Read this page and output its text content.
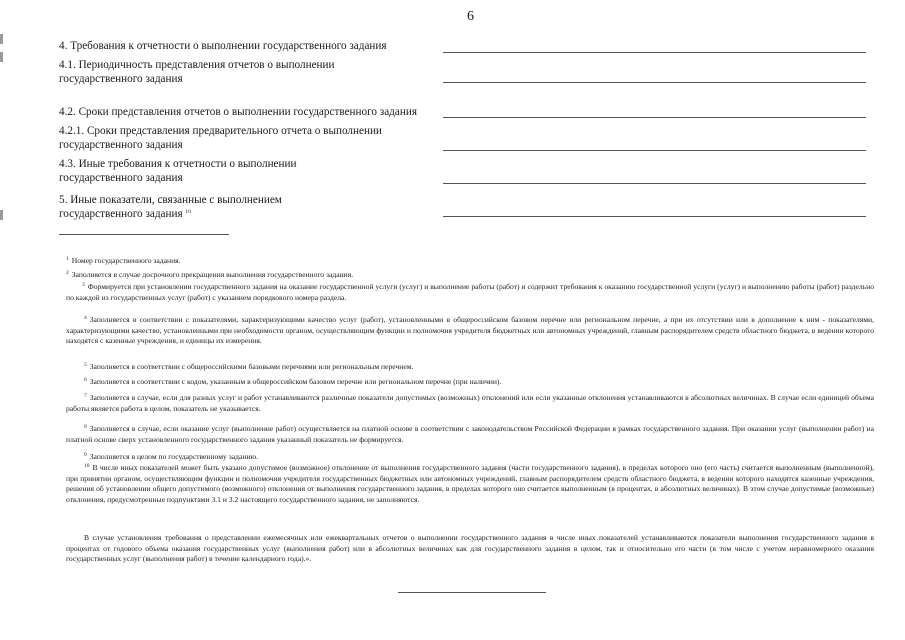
6
4. Требования к отчетности о выполнении государственного задания
4.1. Периодичность представления отчетов о выполнении государственного задания
4.2. Сроки представления отчетов о выполнении государственного задания
4.2.1. Сроки представления предварительного отчета о выполнении государственного задания
4.3. Иные требования к отчетности о выполнении государственного задания
5. Иные показатели, связанные с выполнением государственного задания $^{10}$
$^1$ Номер государственного задания.
$^2$ Заполняется в случае досрочного прекращения выполнения государственного задания.
$^3$ Формируется при установлении государственного задания на оказание государственной услуги (услуг) и выполнение работы (работ) и содержит требования к оказанию государственной услуги (услуг) и выполнению работы (работ) раздельно по каждой из государственных услуг (работ) с указанием порядкового номера раздела.
$^4$ Заполняется в соответствии с показателями, характеризующими качество услуг (работ), установленными в общероссийском базовом перечне или региональном перечне, а при их отсутствии или в дополнение к ним - показателями, характеризующими качество, установленными при необходимости органом, осуществляющим функции и полномочия учредителя бюджетных или автономных учреждений, главным распорядителем средств областного бюджета, в ведении которого находятся с казенные учреждения, и единицы их измерения.
$^5$ Заполняется в соответствии с общероссийскими базовыми перечнями или региональным перечнем.
$^6$ Заполняется в соответствии с кодом, указанным в общероссийском базовом перечне или региональном перечне (при наличии).
$^7$ Заполняется в случае, если для разных услуг и работ устанавливаются различные показатели допустимых (возможных) отклонений или если указанные отклонения устанавливаются в абсолютных величинах. В случае если единицей объема работы является работа в целом, показатель не указывается.
$^8$ Заполняется в случае, если оказание услуг (выполнение работ) осуществляется на платной основе в соответствии с законодательством Российской Федерации в рамках государственного задания. При оказании услуг (выполнении работ) на платной основе сверх установленного государственного задания указанный показатель не формируется.
$^9$ Заполняется в целом по государственному заданию.
$^{10}$ В числе иных показателей может быть указано допустимое (возможное) отклонение от выполнения государственного задания (части государственного задания), в пределах которого оно (его часть) считается выполненным (выполненной), при принятии органом, осуществляющим функции и полномочия учредителя государственных бюджетных или автономных учреждений, главным распорядителем средств областного бюджета, в ведении которого находятся казенные учреждения, решения об установлении общего допустимого (возможного) отклонения от выполнения государственного задания, в пределах которого оно считается выполненным (в процентах, в абсолютных величинах). В этом случае допустимые (возможные) отклонения, предусмотренные подпунктами 3.1 и 3.2 настоящего государственного задания, не заполняются.
В случае установления требования о представлении ежемесячных или ежеквартальных отчетов о выполнении государственного задания в числе иных показателей устанавливаются показатели выполнения государственного задания в процентах от годового объема оказания государственных услуг (выполнения работ) или в абсолютных величинах как для государственного задания в целом, так и относительно его части (в том числе с учетом неравномерного оказания государственных услуг (выполнения работ) в течение календарного года).».
